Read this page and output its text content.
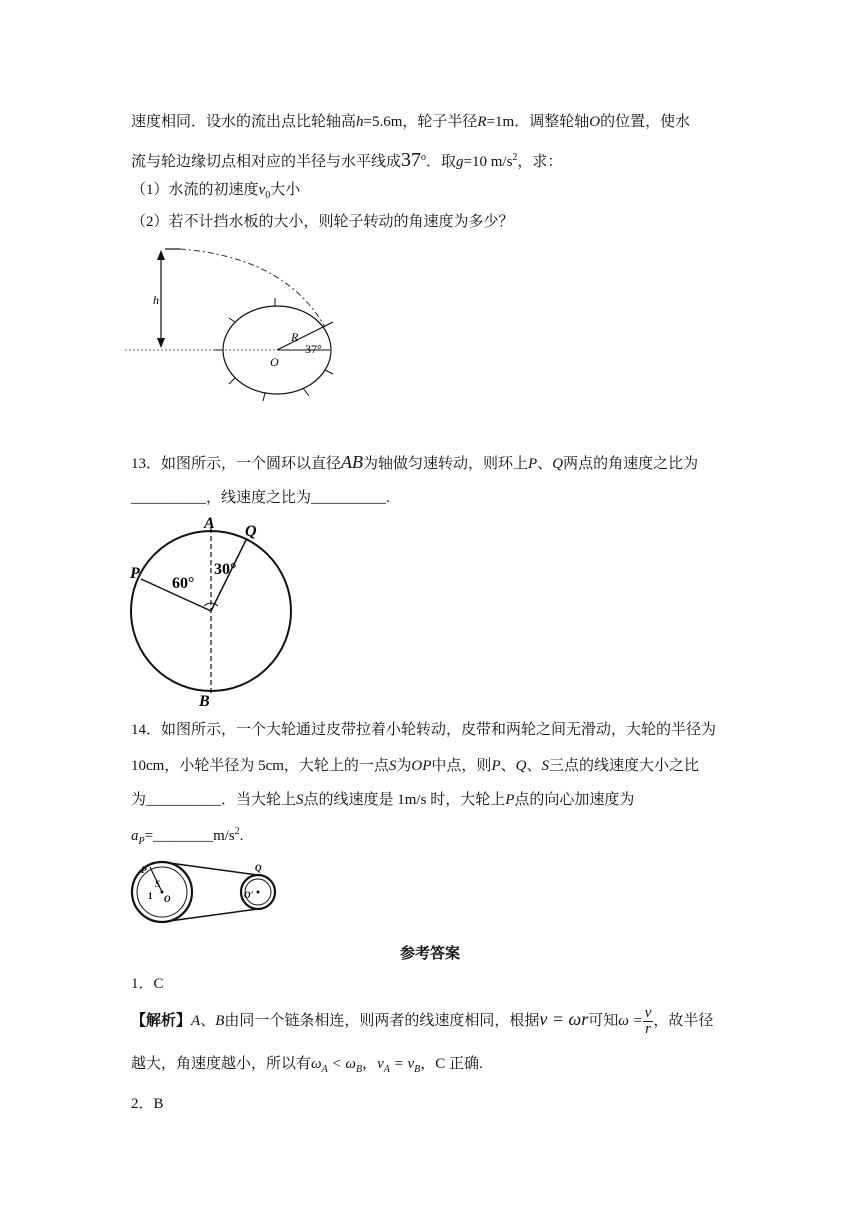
速度相同．设水的流出点比轮轴高h=5.6m，轮子半径R=1m．调整轮轴O的位置，使水
流与轮边缘切点相对应的半径与水平线成37$^o$．取g=10 $m/s^2$，求：
（1）水流的初速度$v_0$大小
（2）若不计挡水板的大小，则轮子转动的角速度为多少？
h
R
O
37°
13．如图所示，一个圆环以直径AB为轴做匀速转动，则环上P、Q两点的角速度之比为
__________，线速度之比为__________.
A
B
P
Q
60°
30°
14．如图所示，一个大轮通过皮带拉着小轮转动，皮带和两轮之间无滑动，大轮的半径为
10cm，小轮半径为 5cm，大轮上的一点S为OP中点，则P、Q、S三点的线速度大小之比
为__________．当大轮上S点的线速度是 1m/s 时，大轮上P点的向心加速度为
$a_P=\_\_\_\_\_\_\_\_m/s^2$.
P
S
1 O
Q
O'
参考答案
1．C
【解析】A、B由同一个链条相连，则两者的线速度相同，根据v = ωr可知$\omega = \frac{v}{r}$ ，故半径
越大，角速度越小，所以有$\omega_A < \omega_B$，$v_A = v_B$，C 正确.
2．B
